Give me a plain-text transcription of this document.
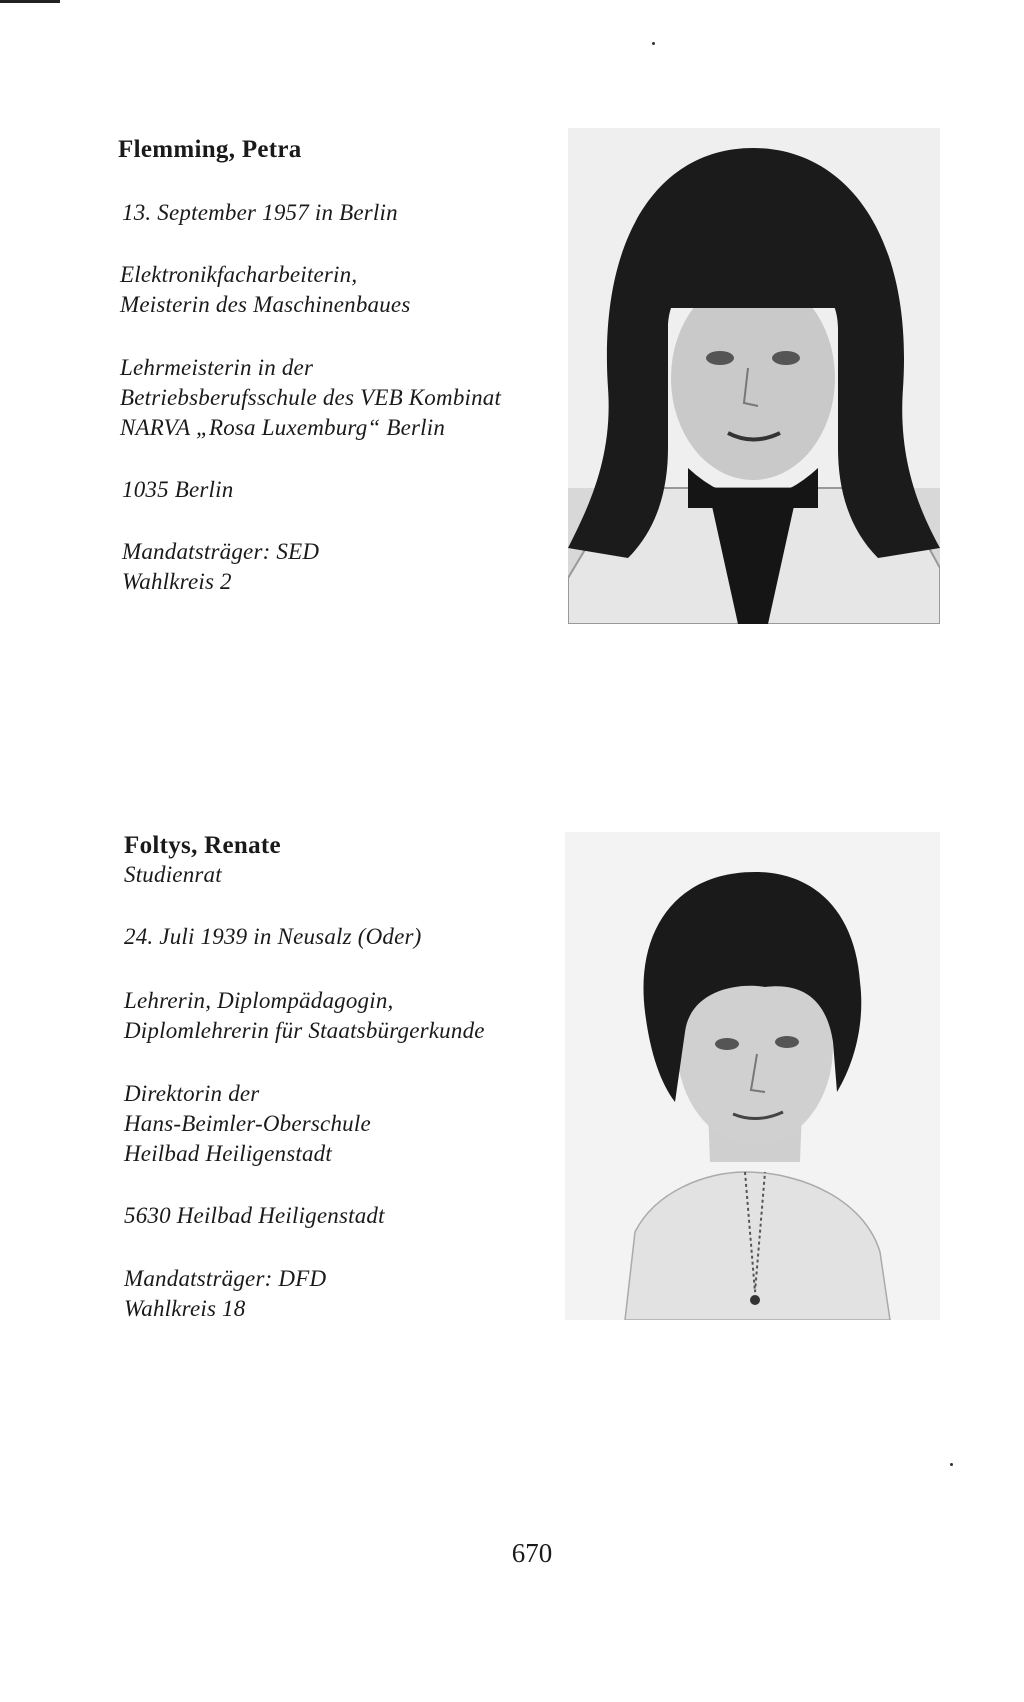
Flemming, Petra
13. September 1957 in Berlin
Elektronikfacharbeiterin,
Meisterin des Maschinenbaues
Lehrmeisterin in der
Betriebsberufsschule des VEB Kombinat
NARVA „Rosa Luxemburg“ Berlin
1035 Berlin
Mandatsträger: SED
Wahlkreis 2
Foltys, Renate
Studienrat
24. Juli 1939 in Neusalz (Oder)
Lehrerin, Diplompädagogin,
Diplomlehrerin für Staatsbürgerkunde
Direktorin der
Hans-Beimler-Oberschule
Heilbad Heiligenstadt
5630 Heilbad Heiligenstadt
Mandatsträger: DFD
Wahlkreis 18
670
